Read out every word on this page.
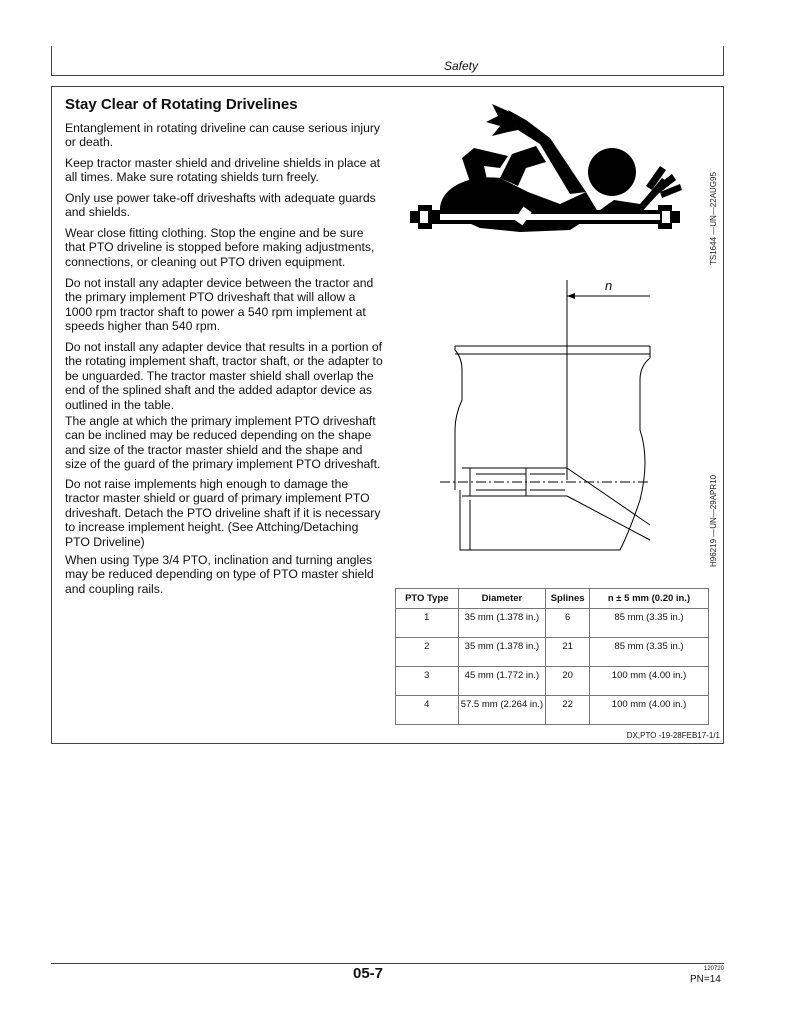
Safety
Stay Clear of Rotating Drivelines

Entanglement in rotating driveline can cause serious injury or death.

Keep tractor master shield and driveline shields in place at all times. Make sure rotating shields turn freely.

Only use power take-off driveshafts with adequate guards and shields.

Wear close fitting clothing. Stop the engine and be sure that PTO driveline is stopped before making adjustments, connections, or cleaning out PTO driven equipment.

Do not install any adapter device between the tractor and the primary implement PTO driveshaft that will allow a 1000 rpm tractor shaft to power a 540 rpm implement at speeds higher than 540 rpm.

Do not install any adapter device that results in a portion of the rotating implement shaft, tractor shaft, or the adapter to be unguarded. The tractor master shield shall overlap the end of the splined shaft and the added adaptor device as outlined in the table.

The angle at which the primary implement PTO driveshaft can be inclined may be reduced depending on the shape and size of the tractor master shield and the shape and size of the guard of the primary implement PTO driveshaft.

Do not raise implements high enough to damage the tractor master shield or guard of primary implement PTO driveshaft. Detach the PTO driveline shaft if it is necessary to increase implement height. (See Attching/Detaching PTO Driveline)

When using Type 3/4 PTO, inclination and turning angles may be reduced depending on type of PTO master shield and coupling rails.

TS1644 —UN—22AUG95
n
H96219 —UN—29APR10
PTO Type	Diameter	Splines	n ± 5 mm (0.20 in.)
1	35 mm (1.378 in.)	6	85 mm (3.35 in.)
2	35 mm (1.378 in.)	21	85 mm (3.35 in.)
3	45 mm (1.772 in.)	20	100 mm (4.00 in.)
4	57.5 mm (2.264 in.)	22	100 mm (4.00 in.)
DX,PTO -19-28FEB17-1/1
05-7	120720
PN=14
